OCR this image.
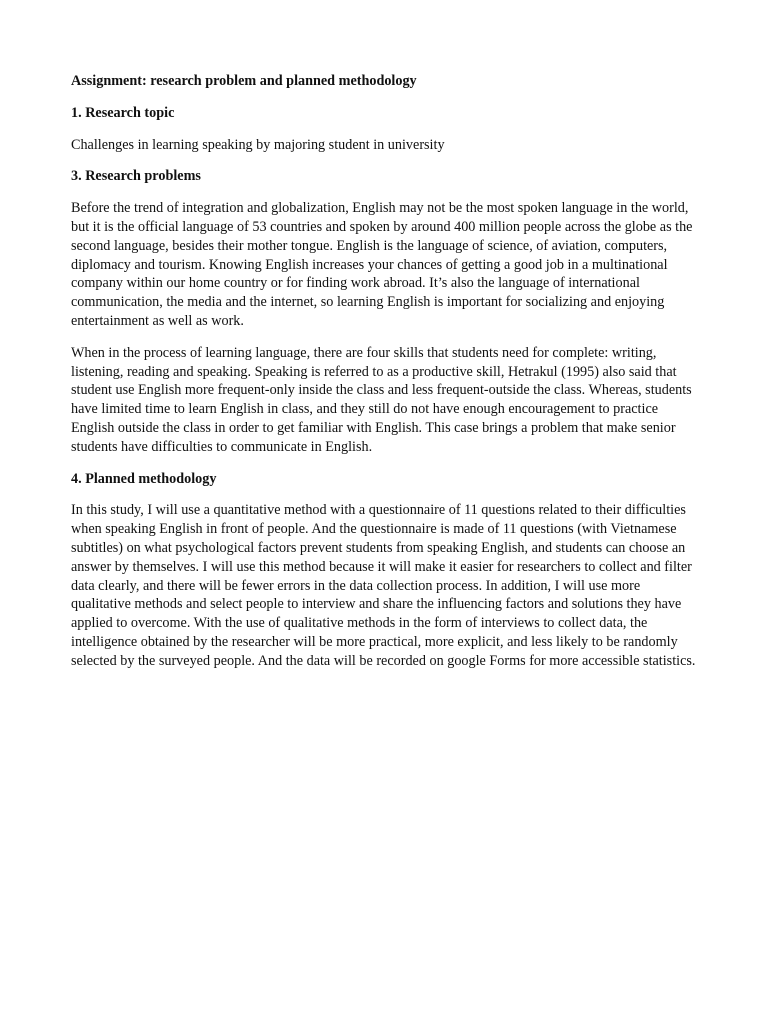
Assignment: research problem and planned methodology
1. Research topic
Challenges in learning speaking by majoring student in university
3. Research problems
Before the trend of integration and globalization, English may not be the most spoken language in the world, but it is the official language of 53 countries and spoken by around 400 million people across the globe as the second language, besides their mother tongue. English is the language of science, of aviation, computers, diplomacy and tourism. Knowing English increases your chances of getting a good job in a multinational company within our home country or for finding work abroad. It’s also the language of international communication, the media and the internet, so learning English is important for socializing and enjoying entertainment as well as work.
When in the process of learning language, there are four skills that students need for complete: writing, listening, reading and speaking. Speaking is referred to as a productive skill, Hetrakul (1995) also said that student use English more frequent-only inside the class and less frequent-outside the class. Whereas, students have limited time to learn English in class, and they still do not have enough encouragement to practice English outside the class in order to get familiar with English. This case brings a problem that make senior students have difficulties to communicate in English.
4. Planned methodology
In this study, I will use a quantitative method with a questionnaire of 11 questions related to their difficulties when speaking English in front of people. And the questionnaire is made of 11 questions (with Vietnamese subtitles) on what psychological factors prevent students from speaking English, and students can choose an answer by themselves. I will use this method because it will make it easier for researchers to collect and filter data clearly, and there will be fewer errors in the data collection process. In addition, I will use more qualitative methods and select people to interview and share the influencing factors and solutions they have applied to overcome. With the use of qualitative methods in the form of interviews to collect data, the intelligence obtained by the researcher will be more practical, more explicit, and less likely to be randomly selected by the surveyed people. And the data will be recorded on google Forms for more accessible statistics.
